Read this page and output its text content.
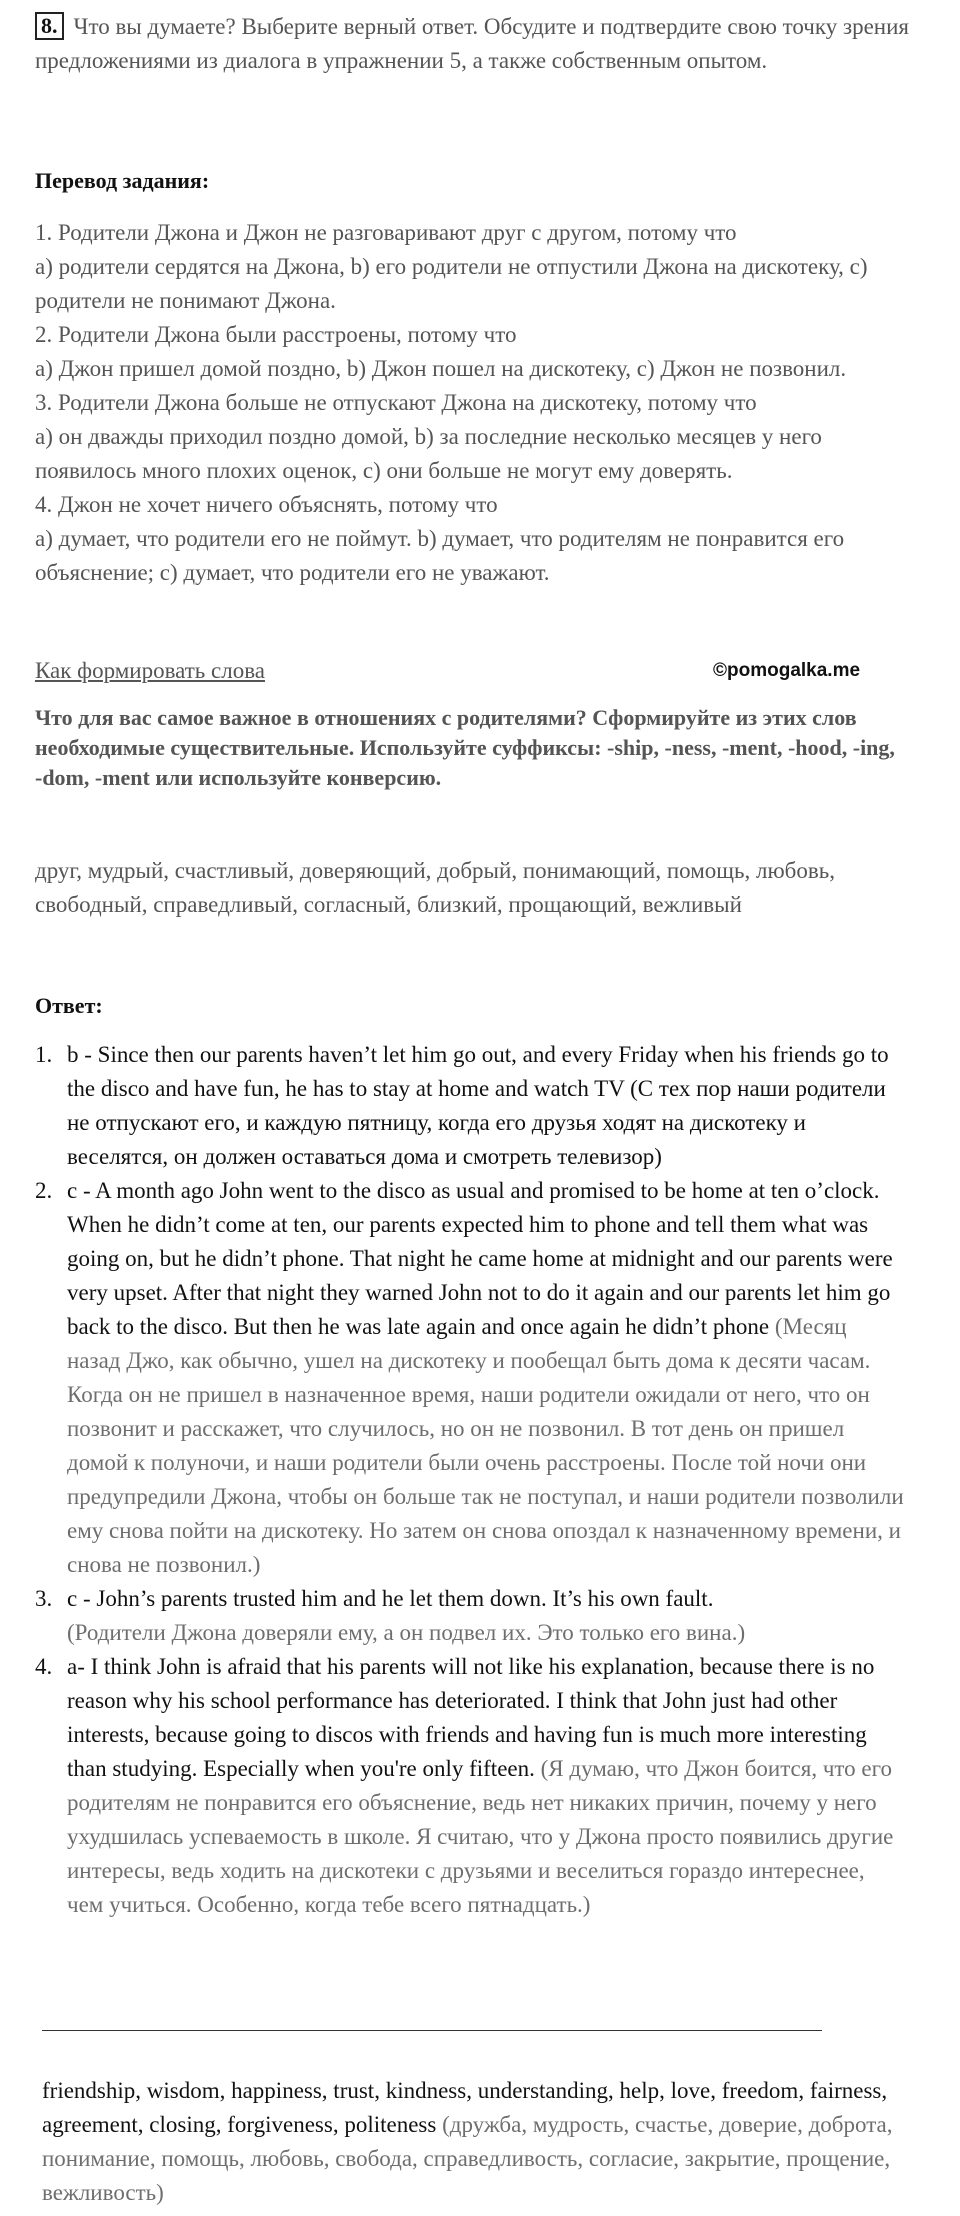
8. Что вы думаете? Выберите верный ответ. Обсудите и подтвердите свою точку зрения предложениями из диалога в упражнении 5, а также собственным опытом.
Перевод задания:

1. Родители Джона и Джон не разговаривают друг с другом, потому что

a) родители сердятся на Джона, b) его родители не отпустили Джона на дискотеку, c) родители не понимают Джона.

2. Родители Джона были расстроены, потому что

a) Джон пришел домой поздно, b) Джон пошел на дискотеку, c) Джон не позвонил.

3. Родители Джона больше не отпускают Джона на дискотеку, потому что

a) он дважды приходил поздно домой, b) за последние несколько месяцев у него появилось много плохих оценок, c) они больше не могут ему доверять.

4. Джон не хочет ничего объяснять, потому что

a) думает, что родители его не поймут. b) думает, что родителям не понравится его объяснение; c) думает, что родители его не уважают.

Как формировать слова	©pomogalka.me
Что для вас самое важное в отношениях с родителями? Сформируйте из этих слов необходимые существительные. Используйте суффиксы: -ship, -ness, -ment, -hood, -ing, -dom, -ment или используйте конверсию.
друг, мудрый, счастливый, доверяющий, добрый, понимающий, помощь, любовь, свободный, справедливый, согласный, близкий, прощающий, вежливый
Ответ:
1. b - Since then our parents haven’t let him go out, and every Friday when his friends go to the disco and have fun, he has to stay at home and watch TV (С тех пор наши родители не отпускают его, и каждую пятницу, когда его друзья ходят на дискотеку и веселятся, он должен оставаться дома и смотреть телевизор)
2. c - A month ago John went to the disco as usual and promised to be home at ten o’clock. When he didn’t come at ten, our parents expected him to phone and tell them what was going on, but he didn’t phone. That night he came home at midnight and our parents were very upset. After that night they warned John not to do it again and our parents let him go back to the disco. But then he was late again and once again he didn’t phone (Месяц назад Джо, как обычно, ушел на дискотеку и пообещал быть дома к десяти часам. Когда он не пришел в назначенное время, наши родители ожидали от него, что он позвонит и расскажет, что случилось, но он не позвонил. В тот день он пришел домой к полуночи, и наши родители были очень расстроены. После той ночи они предупредили Джона, чтобы он больше так не поступал, и наши родители позволили ему снова пойти на дискотеку. Но затем он снова опоздал к назначенному времени, и снова не позвонил.)
3. c - John’s parents trusted him and he let them down. It’s his own fault.
(Родители Джона доверяли ему, а он подвел их. Это только его вина.)
4. a- I think John is afraid that his parents will not like his explanation, because there is no reason why his school performance has deteriorated. I think that John just had other interests, because going to discos with friends and having fun is much more interesting than studying. Especially when you're only fifteen. (Я думаю, что Джон боится, что его родителям не понравится его объяснение, ведь нет никаких причин, почему у него ухудшилась успеваемость в школе. Я считаю, что у Джона просто появились другие интересы, ведь ходить на дискотеки с друзьями и веселиться гораздо интереснее, чем учиться. Особенно, когда тебе всего пятнадцать.)
friendship, wisdom, happiness, trust, kindness, understanding, help, love, freedom, fairness, agreement, closing, forgiveness, politeness (дружба, мудрость, счастье, доверие, доброта, понимание, помощь, любовь, свобода, справедливость, согласие, закрытие, прощение, вежливость)
